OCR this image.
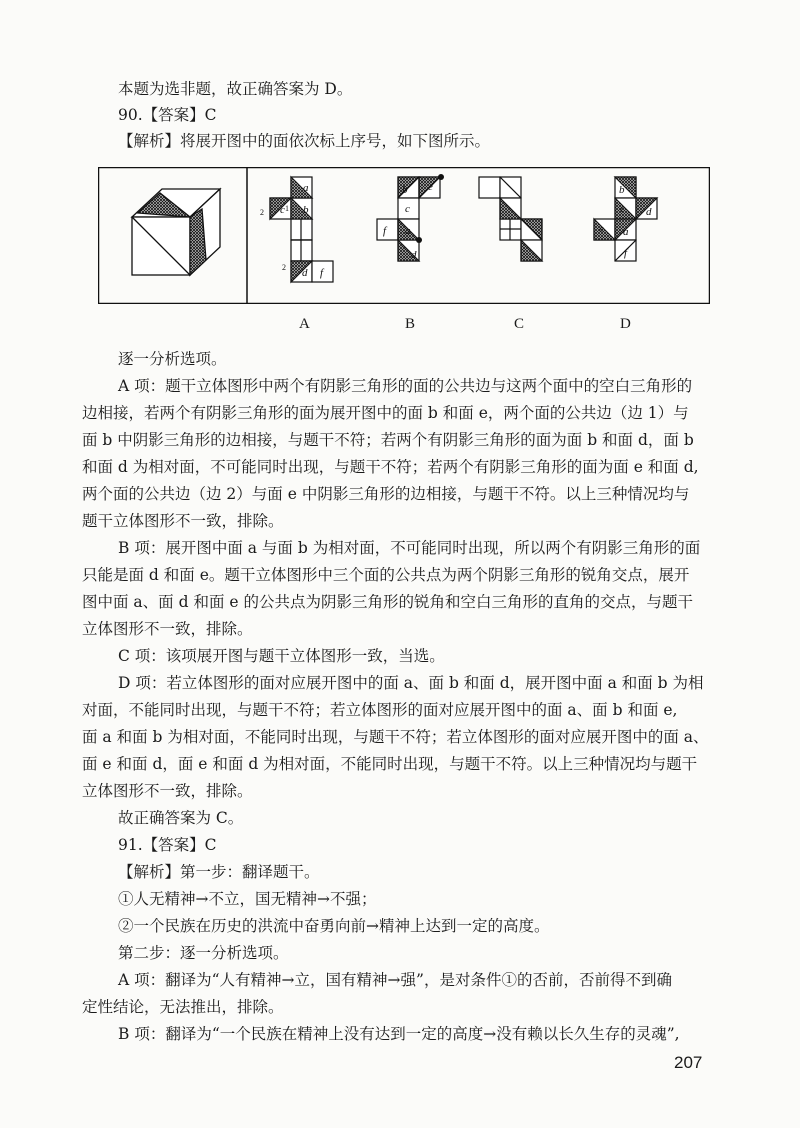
本题为选非题，故正确答案为 D。
90.【答案】C
【解析】将展开图中的面依次标上序号，如下图所示。
a
c b
d f
2	1
2
b e
c
f a
d
b
c d
e a
f
A	B	C	D
逐一分析选项。
A 项：题干立体图形中两个有阴影三角形的面的公共边与这两个面中的空白三角形的
边相接，若两个有阴影三角形的面为展开图中的面 b 和面 e，两个面的公共边（边 1）与
面 b 中阴影三角形的边相接，与题干不符；若两个有阴影三角形的面为面 b 和面 d，面 b
和面 d 为相对面，不可能同时出现，与题干不符；若两个有阴影三角形的面为面 e 和面 d,
两个面的公共边（边 2）与面 e 中阴影三角形的边相接，与题干不符。以上三种情况均与
题干立体图形不一致，排除。
B 项：展开图中面 a 与面 b 为相对面，不可能同时出现，所以两个有阴影三角形的面
只能是面 d 和面 e。题干立体图形中三个面的公共点为两个阴影三角形的锐角交点，展开
图中面 a、面 d 和面 e 的公共点为阴影三角形的锐角和空白三角形的直角的交点，与题干
立体图形不一致，排除。
C 项：该项展开图与题干立体图形一致，当选。
D 项：若立体图形的面对应展开图中的面 a、面 b 和面 d，展开图中面 a 和面 b 为相
对面，不能同时出现，与题干不符；若立体图形的面对应展开图中的面 a、面 b 和面 e,
面 a 和面 b 为相对面，不能同时出现，与题干不符；若立体图形的面对应展开图中的面 a、
面 e 和面 d，面 e 和面 d 为相对面，不能同时出现，与题干不符。以上三种情况均与题干
立体图形不一致，排除。
故正确答案为 C。
91.【答案】C
【解析】第一步：翻译题干。
①人无精神→不立，国无精神→不强；
②一个民族在历史的洪流中奋勇向前→精神上达到一定的高度。
第二步：逐一分析选项。
A 项：翻译为“人有精神→立，国有精神→强”，是对条件①的否前，否前得不到确
定性结论，无法推出，排除。
B 项：翻译为“一个民族在精神上没有达到一定的高度→没有赖以长久生存的灵魂”,
207
